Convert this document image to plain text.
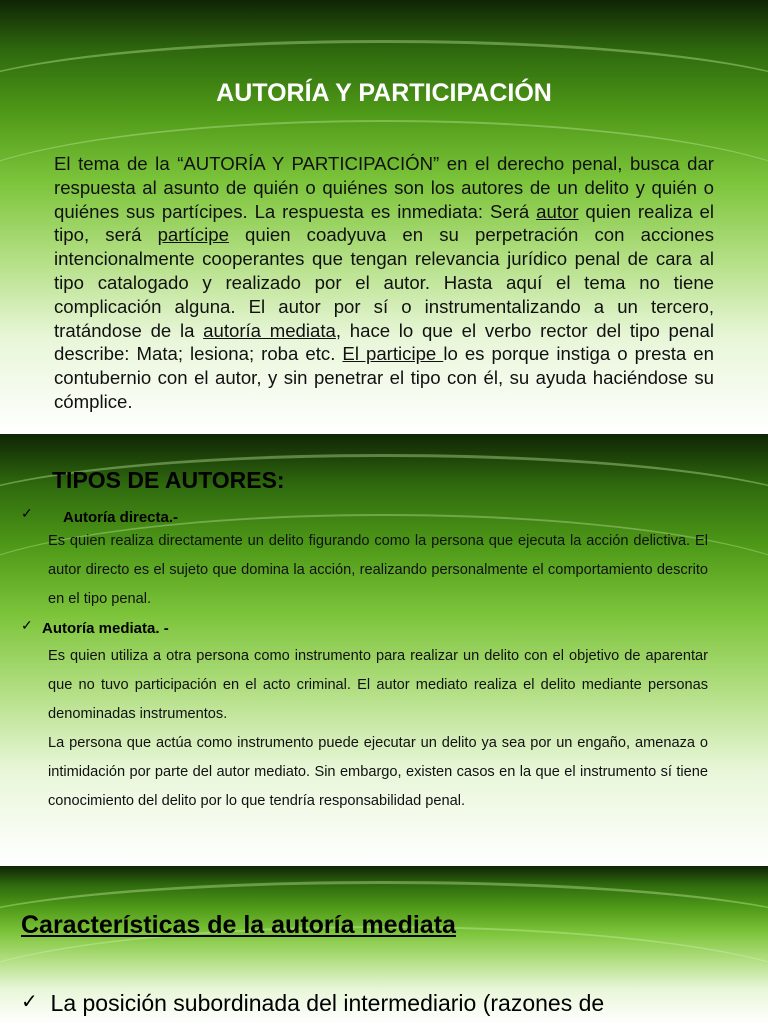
AUTORÍA Y PARTICIPACIÓN

El tema de la “AUTORÍA Y PARTICIPACIÓN” en el derecho penal, busca dar respuesta al asunto de quién o quiénes son los autores de un delito y quién o quiénes sus partícipes. La respuesta es inmediata: Será autor quien realiza el tipo, será partícipe quien coadyuva en su perpetración con acciones intencionalmente cooperantes que tengan relevancia jurídico penal de cara al tipo catalogado y realizado por el autor. Hasta aquí el tema no tiene complicación alguna. El autor por sí o instrumentalizando a un tercero, tratándose de la autoría mediata, hace lo que el verbo rector del tipo penal describe: Mata; lesiona; roba etc. El participe lo es porque instiga o presta en contubernio con el autor, y sin penetrar el tipo con él, su ayuda haciéndose su cómplice.

TIPOS DE AUTORES:
✓ Autoría directa.-

Es quien realiza directamente un delito figurando como la persona que ejecuta la acción delictiva. El autor directo es el sujeto que domina la acción, realizando personalmente el comportamiento descrito en el tipo penal.

✓ Autoría mediata. -

Es quien utiliza a otra persona como instrumento para realizar un delito con el objetivo de aparentar que no tuvo participación en el acto criminal. El autor mediato realiza el delito mediante personas denominadas instrumentos.

La persona que actúa como instrumento puede ejecutar un delito ya sea por un engaño, amenaza o intimidación por parte del autor mediato. Sin embargo, existen casos en la que el instrumento sí tiene conocimiento del delito por lo que tendría responsabilidad penal.

Características de la autoría mediata

✓ La posición subordinada del intermediario (razones de
